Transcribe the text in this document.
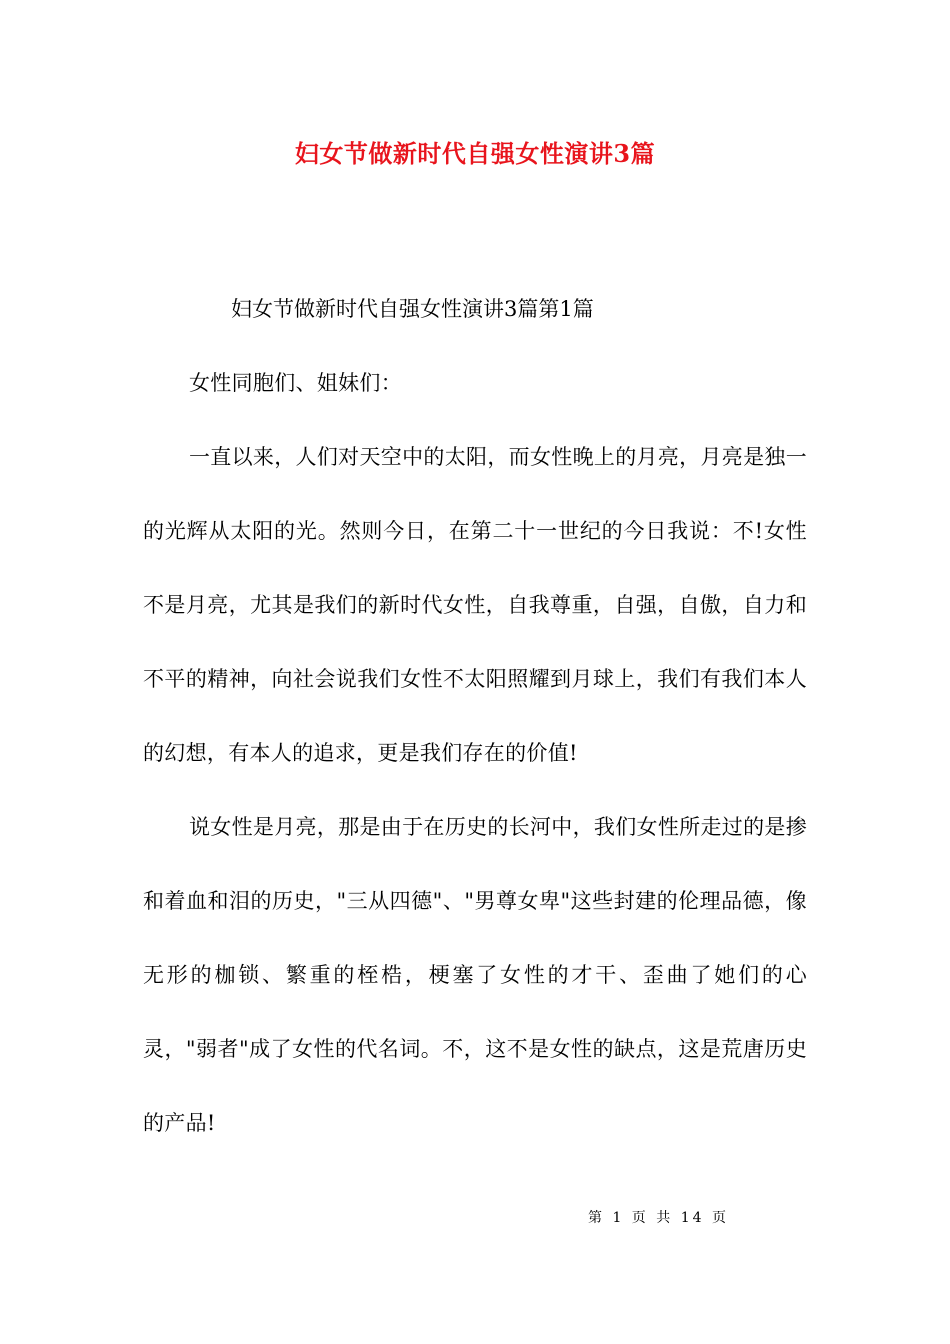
妇女节做新时代自强女性演讲3篇

妇女节做新时代自强女性演讲3篇第1篇

女性同胞们、姐妹们：

一直以来，人们对天空中的太阳，而女性晚上的月亮，月亮是独一的光辉从太阳的光。然则今日，在第二十一世纪的今日我说：不!女性不是月亮，尤其是我们的新时代女性，自我尊重，自强，自傲，自力和不平的精神，向社会说我们女性不太阳照耀到月球上，我们有我们本人的幻想，有本人的追求，更是我们存在的价值!

说女性是月亮，那是由于在历史的长河中，我们女性所走过的是掺和着血和泪的历史，"三从四德"、"男尊女卑"这些封建的伦理品德，像无形的枷锁、繁重的桎梏，梗塞了女性的才干、歪曲了她们的心灵，"弱者"成了女性的代名词。不，这不是女性的缺点，这是荒唐历史的产品!

第 1 页 共 14 页
